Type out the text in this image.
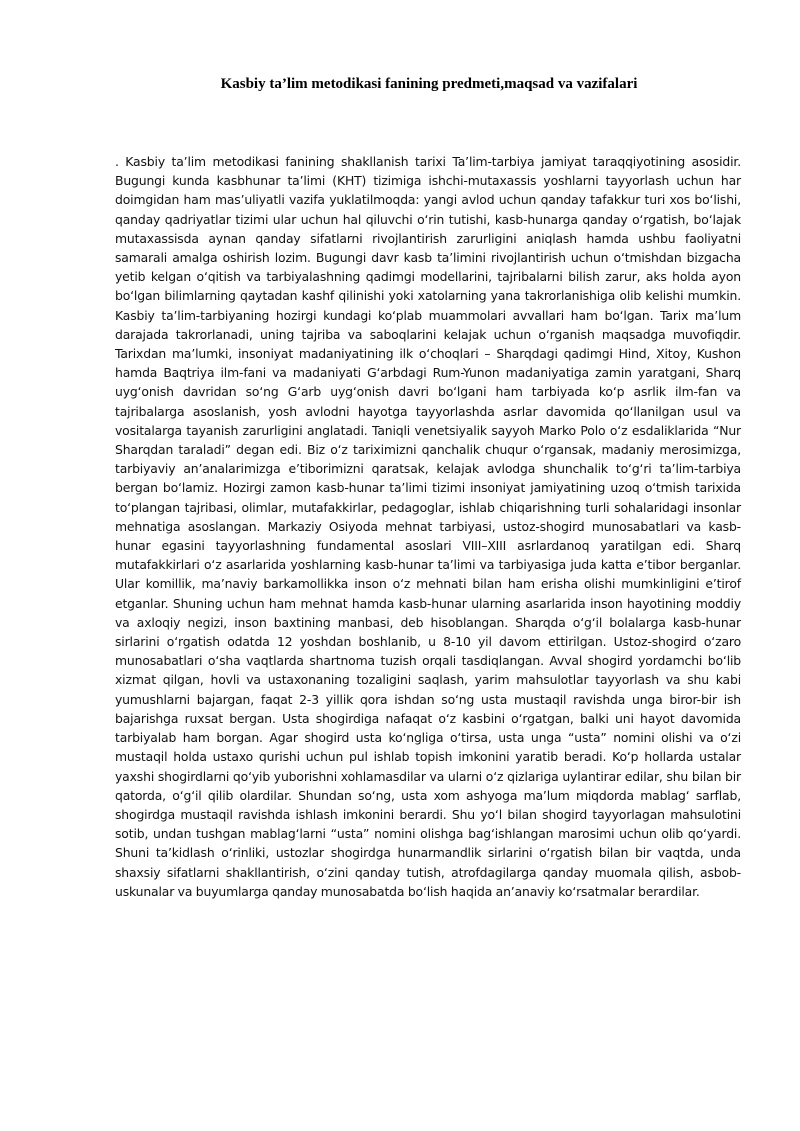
Kasbiy ta’lim metodikasi fanining predmeti,maqsad va vazifalari

. Kasbiy ta’lim metodikasi fanining shakllanish tarixi Ta’lim-tarbiya jamiyat taraqqiyotining asosidir. Bugungi kunda kasbhunar ta’limi (KHT) tizimiga ishchi-mutaxassis yoshlarni tayyorlash uchun har doimgidan ham mas’uliyatli vazifa yuklatilmoqda: yangi avlod uchun qanday tafakkur turi xos bo‘lishi, qanday qadriyatlar tizimi ular uchun hal qiluvchi o‘rin tutishi, kasb-hunarga qanday o‘rgatish, bo‘lajak mutaxassisda aynan qanday sifatlarni rivojlantirish zarurligini aniqlash hamda ushbu faoliyatni samarali amalga oshirish lozim. Bugungi davr kasb ta’limini rivojlantirish uchun o‘tmishdan bizgacha yetib kelgan o‘qitish va tarbiyalashning qadimgi modellarini, tajribalarni bilish zarur, aks holda ayon bo‘lgan bilimlarning qaytadan kashf qilinishi yoki xatolarning yana takrorlanishiga olib kelishi mumkin. Kasbiy ta’lim-tarbiyaning hozirgi kundagi ko‘plab muammolari avvallari ham bo‘lgan. Tarix ma’lum darajada takrorlanadi, uning tajriba va saboqlarini kelajak uchun o‘rganish maqsadga muvofiqdir. Tarixdan ma’lumki, insoniyat madaniyatining ilk o‘choqlari – Sharqdagi qadimgi Hind, Xitoy, Kushon hamda Baqtriya ilm-fani va madaniyati G‘arbdagi Rum-Yunon madaniyatiga zamin yaratgani, Sharq uyg‘onish davridan so‘ng G‘arb uyg‘onish davri bo‘lgani ham tarbiyada ko‘p asrlik ilm-fan va tajribalarga asoslanish, yosh avlodni hayotga tayyorlashda asrlar davomida qo‘llanilgan usul va vositalarga tayanish zarurligini anglatadi. Taniqli venetsiyalik sayyoh Marko Polo o‘z esdaliklarida “Nur Sharqdan taraladi” degan edi. Biz o‘z tariximizni qanchalik chuqur o‘rgansak, madaniy merosimizga, tarbiyaviy an’analarimizga e’tiborimizni qaratsak, kelajak avlodga shunchalik to‘g‘ri ta’lim-tarbiya bergan bo‘lamiz. Hozirgi zamon kasb-hunar ta’limi tizimi insoniyat jamiyatining uzoq o‘tmish tarixida to‘plangan tajribasi, olimlar, mutafakkirlar, pedagoglar, ishlab chiqarishning turli sohalaridagi insonlar mehnatiga asoslangan. Markaziy Osiyoda mehnat tarbiyasi, ustoz-shogird munosabatlari va kasb-hunar egasini tayyorlashning fundamental asoslari VIII–XIII asrlardanoq yaratilgan edi. Sharq mutafakkirlari o‘z asarlarida yoshlarning kasb-hunar ta’limi va tarbiyasiga juda katta e’tibor berganlar. Ular komillik, ma’naviy barkamollikka inson o‘z mehnati bilan ham erisha olishi mumkinligini e’tirof etganlar. Shuning uchun ham mehnat hamda kasb-hunar ularning asarlarida inson hayotining moddiy va axloqiy negizi, inson baxtining manbasi, deb hisoblangan. Sharqda o‘g‘il bolalarga kasb-hunar sirlarini o‘rgatish odatda 12 yoshdan boshlanib, u 8-10 yil davom ettirilgan. Ustoz-shogird o‘zaro munosabatlari o‘sha vaqtlarda shartnoma tuzish orqali tasdiqlangan. Avval shogird yordamchi bo‘lib xizmat qilgan, hovli va ustaxonaning tozaligini saqlash, yarim mahsulotlar tayyorlash va shu kabi yumushlarni bajargan, faqat 2-3 yillik qora ishdan so‘ng usta mustaqil ravishda unga biror-bir ish bajarishga ruxsat bergan. Usta shogirdiga nafaqat o‘z kasbini o‘rgatgan, balki uni hayot davomida tarbiyalab ham borgan. Agar shogird usta ko‘ngliga o‘tirsa, usta unga “usta” nomini olishi va o‘zi mustaqil holda ustaxo qurishi uchun pul ishlab topish imkonini yaratib beradi. Ko‘p hollarda ustalar yaxshi shogirdlarni qo‘yib yuborishni xohlamasdilar va ularni o‘z qizlariga uylantirar edilar, shu bilan bir qatorda, o‘g‘il qilib olardilar. Shundan so‘ng, usta xom ashyoga ma’lum miqdorda mablag‘ sarflab, shogirdga mustaqil ravishda ishlash imkonini berardi. Shu yo‘l bilan shogird tayyorlagan mahsulotini sotib, undan tushgan mablag‘larni “usta” nomini olishga bag‘ishlangan marosimi uchun olib qo‘yardi. Shuni ta’kidlash o‘rinliki, ustozlar shogirdga hunarmandlik sirlarini o‘rgatish bilan bir vaqtda, unda shaxsiy sifatlarni shakllantirish, o‘zini qanday tutish, atrofdagilarga qanday muomala qilish, asbob-uskunalar va buyumlarga qanday munosabatda bo‘lish haqida an’anaviy ko‘rsatmalar berardilar.
